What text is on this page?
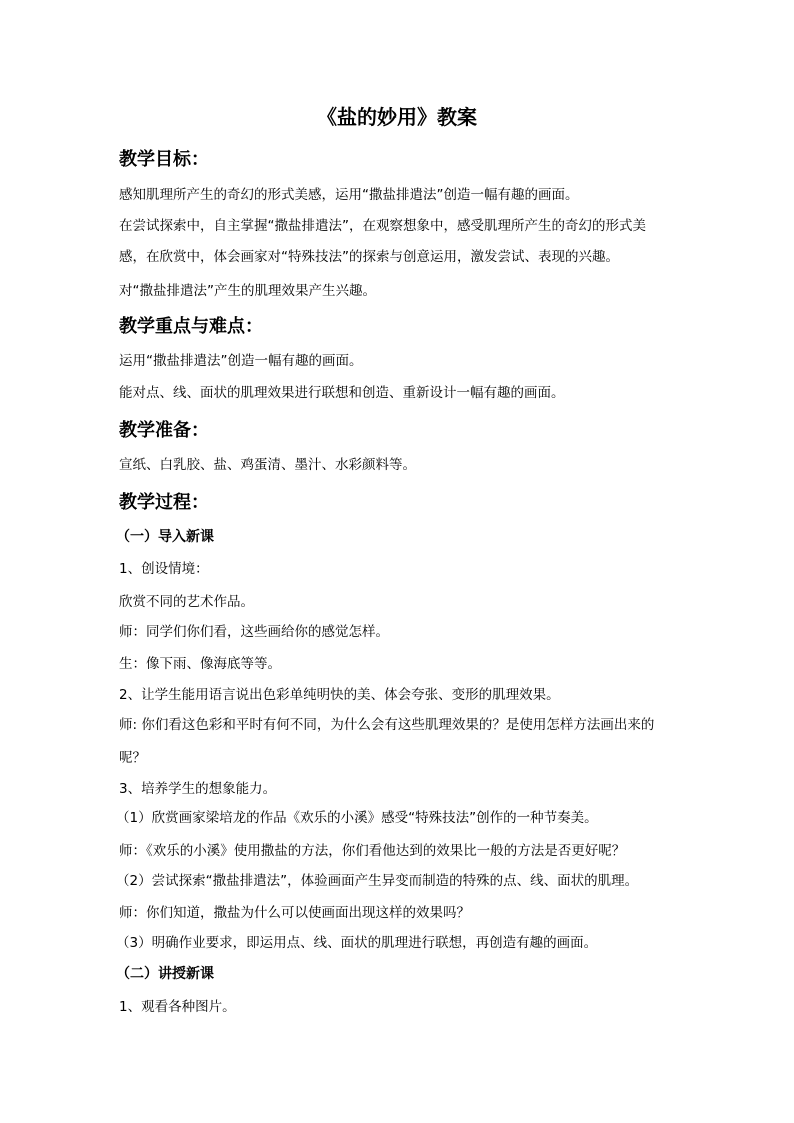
《盐的妙用》教案
教学目标：
感知肌理所产生的奇幻的形式美感，运用“撒盐排遣法”创造一幅有趣的画面。
在尝试探索中，自主掌握“撒盐排遣法”，在观察想象中，感受肌理所产生的奇幻的形式美
感，在欣赏中，体会画家对“特殊技法”的探索与创意运用，激发尝试、表现的兴趣。
对“撒盐排遣法”产生的肌理效果产生兴趣。
教学重点与难点：
运用“撒盐排遣法”创造一幅有趣的画面。
能对点、线、面状的肌理效果进行联想和创造、重新设计一幅有趣的画面。
教学准备：
宣纸、白乳胶、盐、鸡蛋清、墨汁、水彩颜料等。
教学过程：
（一）导入新课
1、创设情境：
欣赏不同的艺术作品。
师：同学们你们看，这些画给你的感觉怎样。
生：像下雨、像海底等等。
2、让学生能用语言说出色彩单纯明快的美、体会夸张、变形的肌理效果。
师: 你们看这色彩和平时有何不同，为什么会有这些肌理效果的？是使用怎样方法画出来的
呢？
3、培养学生的想象能力。
（1）欣赏画家梁培龙的作品《欢乐的小溪》感受“特殊技法”创作的一种节奏美。
师：《欢乐的小溪》使用撒盐的方法，你们看他达到的效果比一般的方法是否更好呢？
（2）尝试探索“撒盐排遣法”，体验画面产生异变而制造的特殊的点、线、面状的肌理。
师：你们知道，撒盐为什么可以使画面出现这样的效果吗？
（3）明确作业要求，即运用点、线、面状的肌理进行联想，再创造有趣的画面。
（二）讲授新课
1、观看各种图片。
